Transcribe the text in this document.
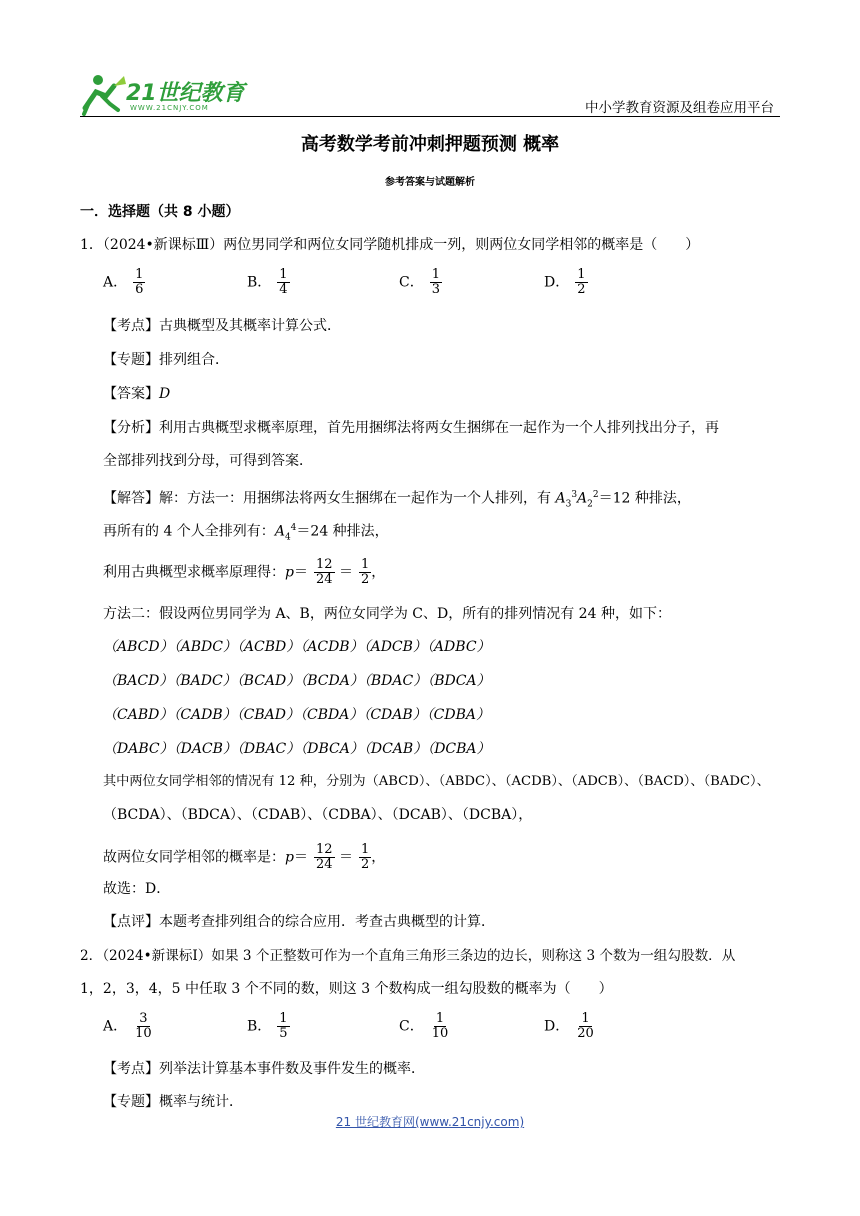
21世纪教育
WWW.21CNJY.COM	中小学教育资源及组卷应用平台
高考数学考前冲刺押题预测 概率
参考答案与试题解析
一．选择题（共 8 小题）
1．（2024•新课标Ⅲ）两位男同学和两位女同学随机排成一列，则两位女同学相邻的概率是（　　）
A． $\frac{1}{6}$	B． $\frac{1}{4}$	C． $\frac{1}{3}$	D． $\frac{1}{2}$
【考点】古典概型及其概率计算公式．
【专题】排列组合．
【答案】D
【分析】利用古典概型求概率原理，首先用捆绑法将两女生捆绑在一起作为一个人排列找出分子，再
全部排列找到分母，可得到答案．
【解答】解：方法一：用捆绑法将两女生捆绑在一起作为一个人排列，有 $A_3^3A_2^2=12$ 种排法，
再所有的 4 个人全排列有：$A_4^4=24$ 种排法，
利用古典概型求概率原理得：$p= \frac{12}{24} = \frac{1}{2}$ ，
方法二：假设两位男同学为 A、B，两位女同学为 C、D，所有的排列情况有 24 种，如下：
（ABCD）（ABDC）（ACBD）（ACDB）（ADCB）（ADBC）
（BACD）（BADC）（BCAD）（BCDA）（BDAC）（BDCA）
（CABD）（CADB）（CBAD）（CBDA）（CDAB）（CDBA）
（DABC）（DACB）（DBAC）（DBCA）（DCAB）（DCBA）
其中两位女同学相邻的情况有 12 种，分别为（ABCD）、（ABDC）、（ACDB）、（ADCB）、（BACD）、（BADC）、
（BCDA）、（BDCA）、（CDAB）、（CDBA）、（DCAB）、（DCBA），
故两位女同学相邻的概率是：$p= \frac{12}{24} = \frac{1}{2}$ ，
故选：D．
【点评】本题考查排列组合的综合应用．考查古典概型的计算．
2．（2024•新课标Ⅰ）如果 3 个正整数可作为一个直角三角形三条边的边长，则称这 3 个数为一组勾股数．从
1，2，3，4，5 中任取 3 个不同的数，则这 3 个数构成一组勾股数的概率为（　　）
A． $\frac{3}{10}$	B． $\frac{1}{5}$	C． $\frac{1}{10}$	D． $\frac{1}{20}$
【考点】列举法计算基本事件数及事件发生的概率．
【专题】概率与统计．
21 世纪教育网(www.21cnjy.com)
